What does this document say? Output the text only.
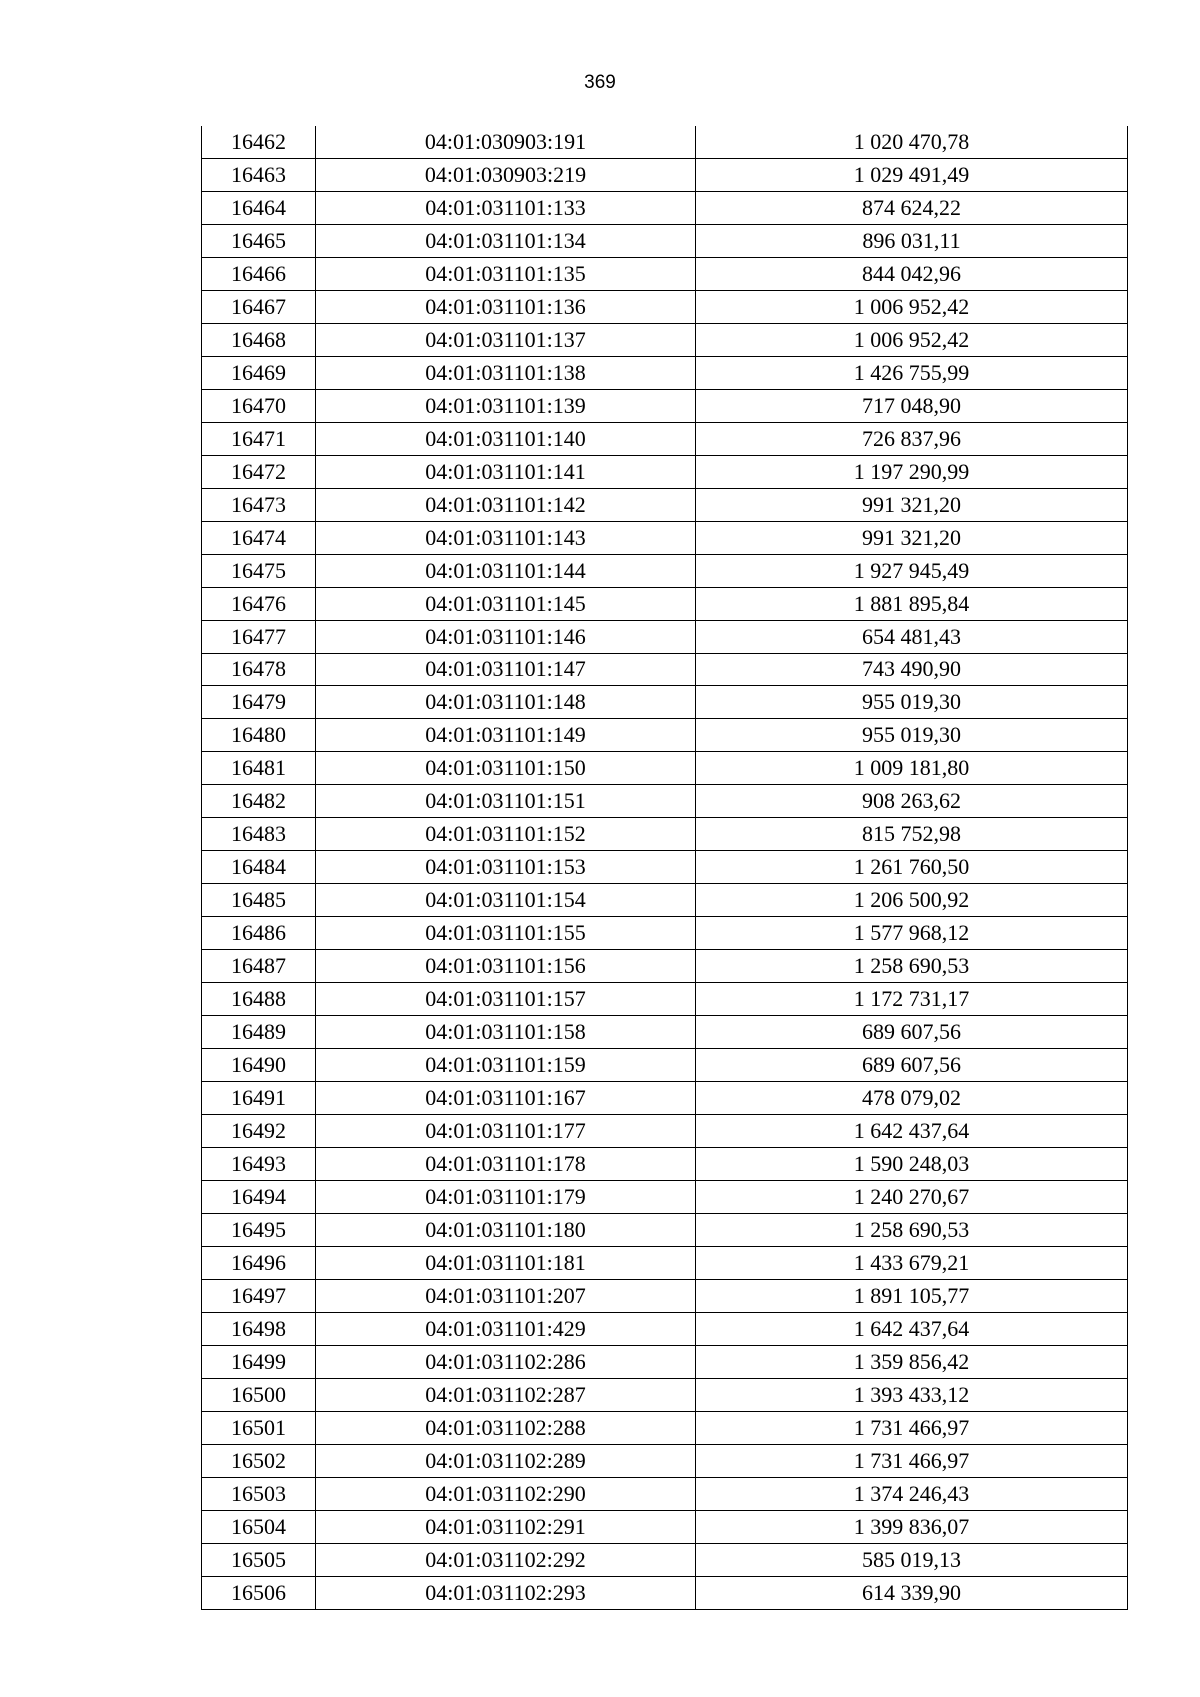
369
16462	04:01:030903:191	1 020 470,78
16463	04:01:030903:219	1 029 491,49
16464	04:01:031101:133	874 624,22
16465	04:01:031101:134	896 031,11
16466	04:01:031101:135	844 042,96
16467	04:01:031101:136	1 006 952,42
16468	04:01:031101:137	1 006 952,42
16469	04:01:031101:138	1 426 755,99
16470	04:01:031101:139	717 048,90
16471	04:01:031101:140	726 837,96
16472	04:01:031101:141	1 197 290,99
16473	04:01:031101:142	991 321,20
16474	04:01:031101:143	991 321,20
16475	04:01:031101:144	1 927 945,49
16476	04:01:031101:145	1 881 895,84
16477	04:01:031101:146	654 481,43
16478	04:01:031101:147	743 490,90
16479	04:01:031101:148	955 019,30
16480	04:01:031101:149	955 019,30
16481	04:01:031101:150	1 009 181,80
16482	04:01:031101:151	908 263,62
16483	04:01:031101:152	815 752,98
16484	04:01:031101:153	1 261 760,50
16485	04:01:031101:154	1 206 500,92
16486	04:01:031101:155	1 577 968,12
16487	04:01:031101:156	1 258 690,53
16488	04:01:031101:157	1 172 731,17
16489	04:01:031101:158	689 607,56
16490	04:01:031101:159	689 607,56
16491	04:01:031101:167	478 079,02
16492	04:01:031101:177	1 642 437,64
16493	04:01:031101:178	1 590 248,03
16494	04:01:031101:179	1 240 270,67
16495	04:01:031101:180	1 258 690,53
16496	04:01:031101:181	1 433 679,21
16497	04:01:031101:207	1 891 105,77
16498	04:01:031101:429	1 642 437,64
16499	04:01:031102:286	1 359 856,42
16500	04:01:031102:287	1 393 433,12
16501	04:01:031102:288	1 731 466,97
16502	04:01:031102:289	1 731 466,97
16503	04:01:031102:290	1 374 246,43
16504	04:01:031102:291	1 399 836,07
16505	04:01:031102:292	585 019,13
16506	04:01:031102:293	614 339,90
